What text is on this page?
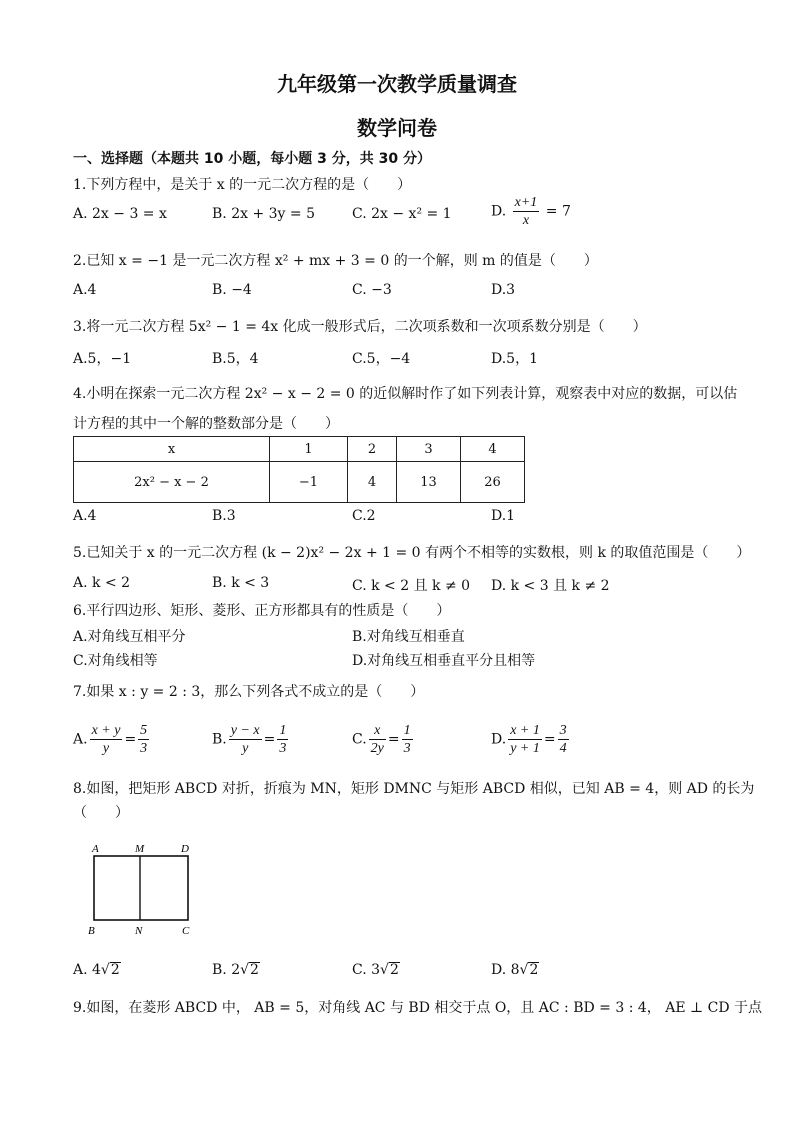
九年级第一次教学质量调查
数学问卷
一、选择题（本题共 10 小题，每小题 3 分，共 30 分）
1.下列方程中，是关于 x 的一元二次方程的是（　　）
A. 2x − 3 = x	B. 2x + 3y = 5	C. 2x − x² = 1	D. $\frac{x+1}{x} = 7$
2.已知 x = −1 是一元二次方程 x² + mx + 3 = 0 的一个解，则 m 的值是（　　）
A.4	B. −4	C. −3	D.3
3.将一元二次方程 5x² − 1 = 4x 化成一般形式后，二次项系数和一次项系数分别是（　　）
A.5，−1	B.5，4	C.5，−4	D.5，1
4.小明在探索一元二次方程 2x² − x − 2 = 0 的近似解时作了如下列表计算，观察表中对应的数据，可以估
计方程的其中一个解的整数部分是（　　）
x	1	2	3	4
2x² − x − 2	−1	4	13	26
A.4	B.3	C.2	D.1
5.已知关于 x 的一元二次方程 (k − 2)x² − 2x + 1 = 0 有两个不相等的实数根，则 k 的取值范围是（　　）
A. k < 2	B. k < 3	C. k < 2 且 k ≠ 0 D. k < 3 且 k ≠ 2
6.平行四边形、矩形、菱形、正方形都具有的性质是（　　）
A.对角线互相平分	B.对角线互相垂直
C.对角线相等	D.对角线互相垂直平分且相等
7.如果 x : y = 2 : 3，那么下列各式不成立的是（　　）
A. $\frac{x + y}{y} = \frac{5}{3}$	B. $\frac{y - x}{y} = \frac{1}{3}$	C. $\frac{x}{2y} = \frac{1}{3}$	D. $\frac{x + 1}{y + 1} = \frac{3}{4}$
8.如图，把矩形 ABCD 对折，折痕为 MN，矩形 DMNC 与矩形 ABCD 相似，已知 AB = 4，则 AD 的长为
（　　）
A	M	D
B	N	C
A. 4√2	B. 2√2	C. 3√2	D. 8√2
9.如图，在菱形 ABCD 中， AB = 5，对角线 AC 与 BD 相交于点 O，且 AC : BD = 3 : 4， AE ⊥ CD 于点
